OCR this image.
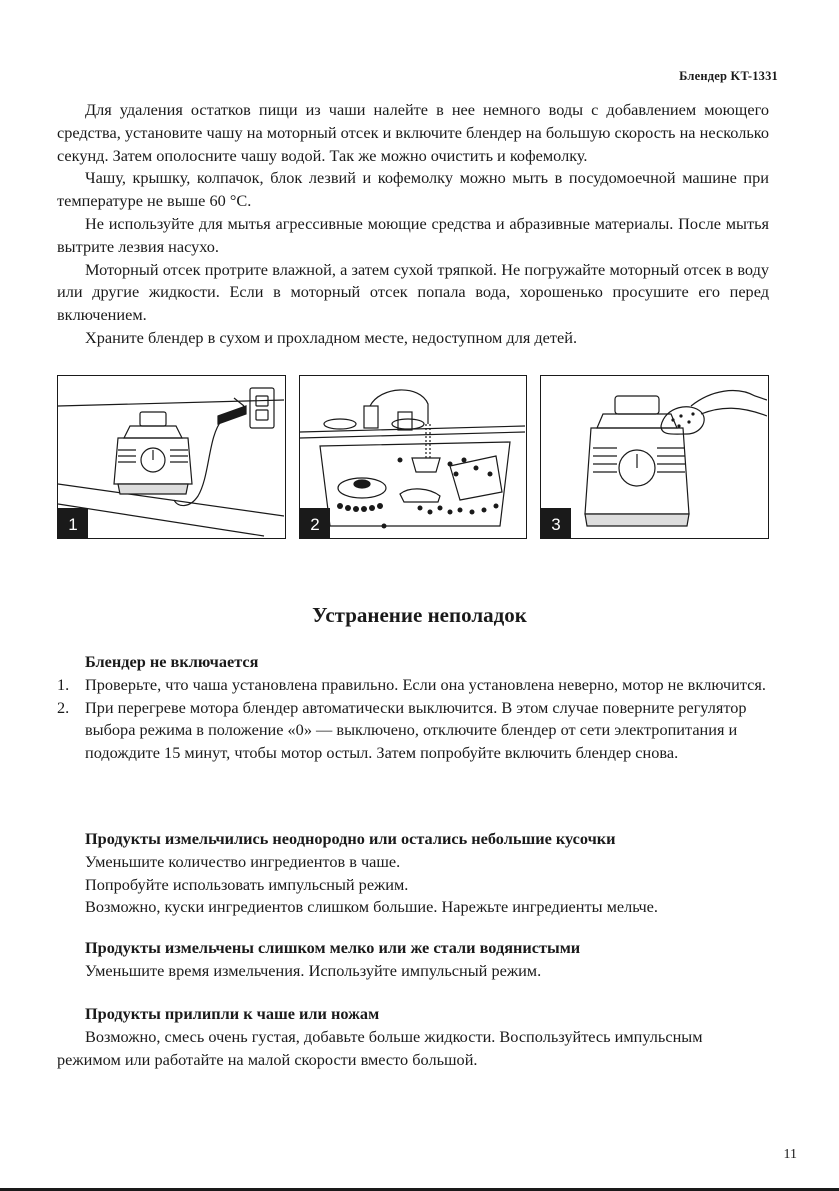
Блендер KT-1331

Для удаления остатков пищи из чаши налейте в нее немного воды с добавлением моющего средства, установите чашу на моторный отсек и включите блендер на большую скорость на несколько секунд. Затем ополосните чашу водой. Так же можно очистить и кофемолку.

Чашу, крышку, колпачок, блок лезвий и кофемолку можно мыть в посудомоечной машине при температуре не выше 60 °C.

Не используйте для мытья агрессивные моющие средства и абразивные материалы. После мытья вытрите лезвия насухо.

Моторный отсек протрите влажной, а затем сухой тряпкой. Не погружайте моторный отсек в воду или другие жидкости. Если в моторный отсек попала вода, хорошенько просушите его перед включением.

Храните блендер в сухом и прохладном месте, недоступном для детей.

1	2	3
Устранение неполадок
Блендер не включается
1. Проверьте, что чаша установлена правильно. Если она установлена неверно, мотор не включится.
2. При перегреве мотора блендер автоматически выключится. В этом случае поверните регулятор выбора режима в положение «0» — выключено, отключите блендер от сети электропитания и подождите 15 минут, чтобы мотор остыл. Затем попробуйте включить блендер снова.
Продукты измельчились неоднородно или остались небольшие кусочки

Уменьшите количество ингредиентов в чаше.

Попробуйте использовать импульсный режим.

Возможно, куски ингредиентов слишком большие. Нарежьте ингредиенты мельче.

Продукты измельчены слишком мелко или же стали водянистыми

Уменьшите время измельчения. Используйте импульсный режим.

Продукты прилипли к чаше или ножам

Возможно, смесь очень густая, добавьте больше жидкости. Воспользуйтесь импульсным режимом или работайте на малой скорости вместо большой.

11
